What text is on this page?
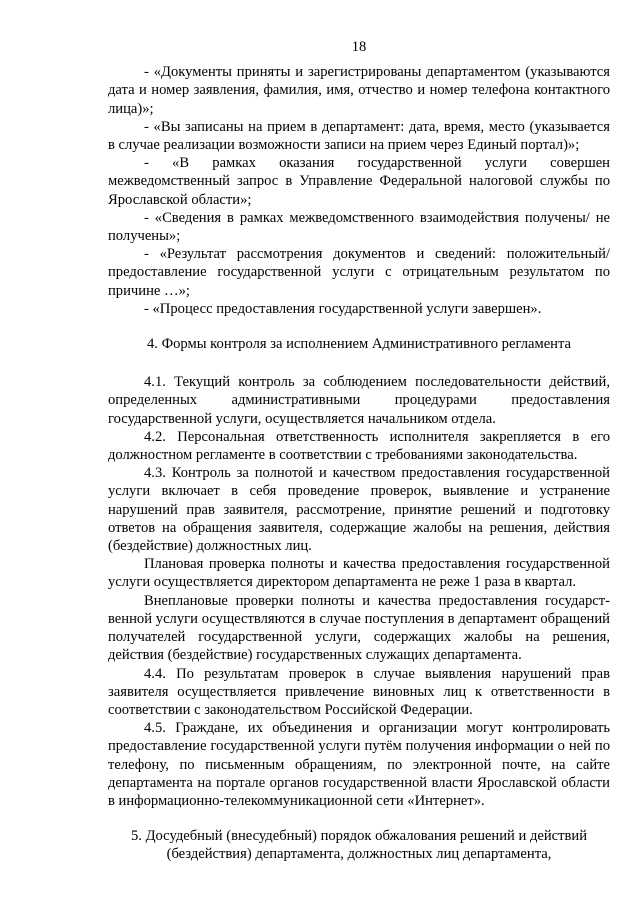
18

- «Документы приняты и зарегистрированы департаментом (указываются дата и номер заявления, фамилия, имя, отчество и номер телефона контактного лица)»;

- «Вы записаны на прием в департамент: дата, время, место (указывается в случае реализации возможности записи на прием через Единый портал)»;

- «В рамках оказания государственной услуги совершен межведомственный запрос в Управление Федеральной налоговой службы по Ярославской области»;

- «Сведения в рамках межведомственного взаимодействия получены/ не получены»;

- «Результат рассмотрения документов и сведений: положительный/ предоставление государственной услуги с отрицательным результатом по причине …»;

- «Процесс предоставления государственной услуги завершен».

4. Формы контроля за исполнением Административного регламента

4.1. Текущий контроль за соблюдением последовательности действий, определенных административными процедурами предоставления государственной услуги, осуществляется начальником отдела.

4.2. Персональная ответственность исполнителя закрепляется в его должностном регламенте в соответствии с требованиями законодательства.

4.3. Контроль за полнотой и качеством предоставления государственной услуги включает в себя проведение проверок, выявление и устранение нарушений прав заявителя, рассмотрение, принятие решений и подготовку ответов на обращения заявителя, содержащие жалобы на решения, действия (бездействие) должностных лиц.

Плановая проверка полноты и качества предоставления государственной услуги осуществляется директором департамента не реже 1 раза в квартал.

Внеплановые проверки полноты и качества предоставления государственной услуги осуществляются в случае поступления в департамент обращений получателей государственной услуги, содержащих жалобы на решения, действия (бездействие) государственных служащих департамента.

4.4. По результатам проверок в случае выявления нарушений прав заявителя осуществляется привлечение виновных лиц к ответственности в соответствии с законодательством Российской Федерации.

4.5. Граждане, их объединения и организации могут контролировать предоставление государственной услуги путём получения информации о ней по телефону, по письменным обращениям, по электронной почте, на сайте департамента на портале органов государственной власти Ярославской области в информационно-телекоммуникационной сети «Интернет».

5. Досудебный (внесудебный) порядок обжалования решений и действий
(бездействия) департамента, должностных лиц департамента,
